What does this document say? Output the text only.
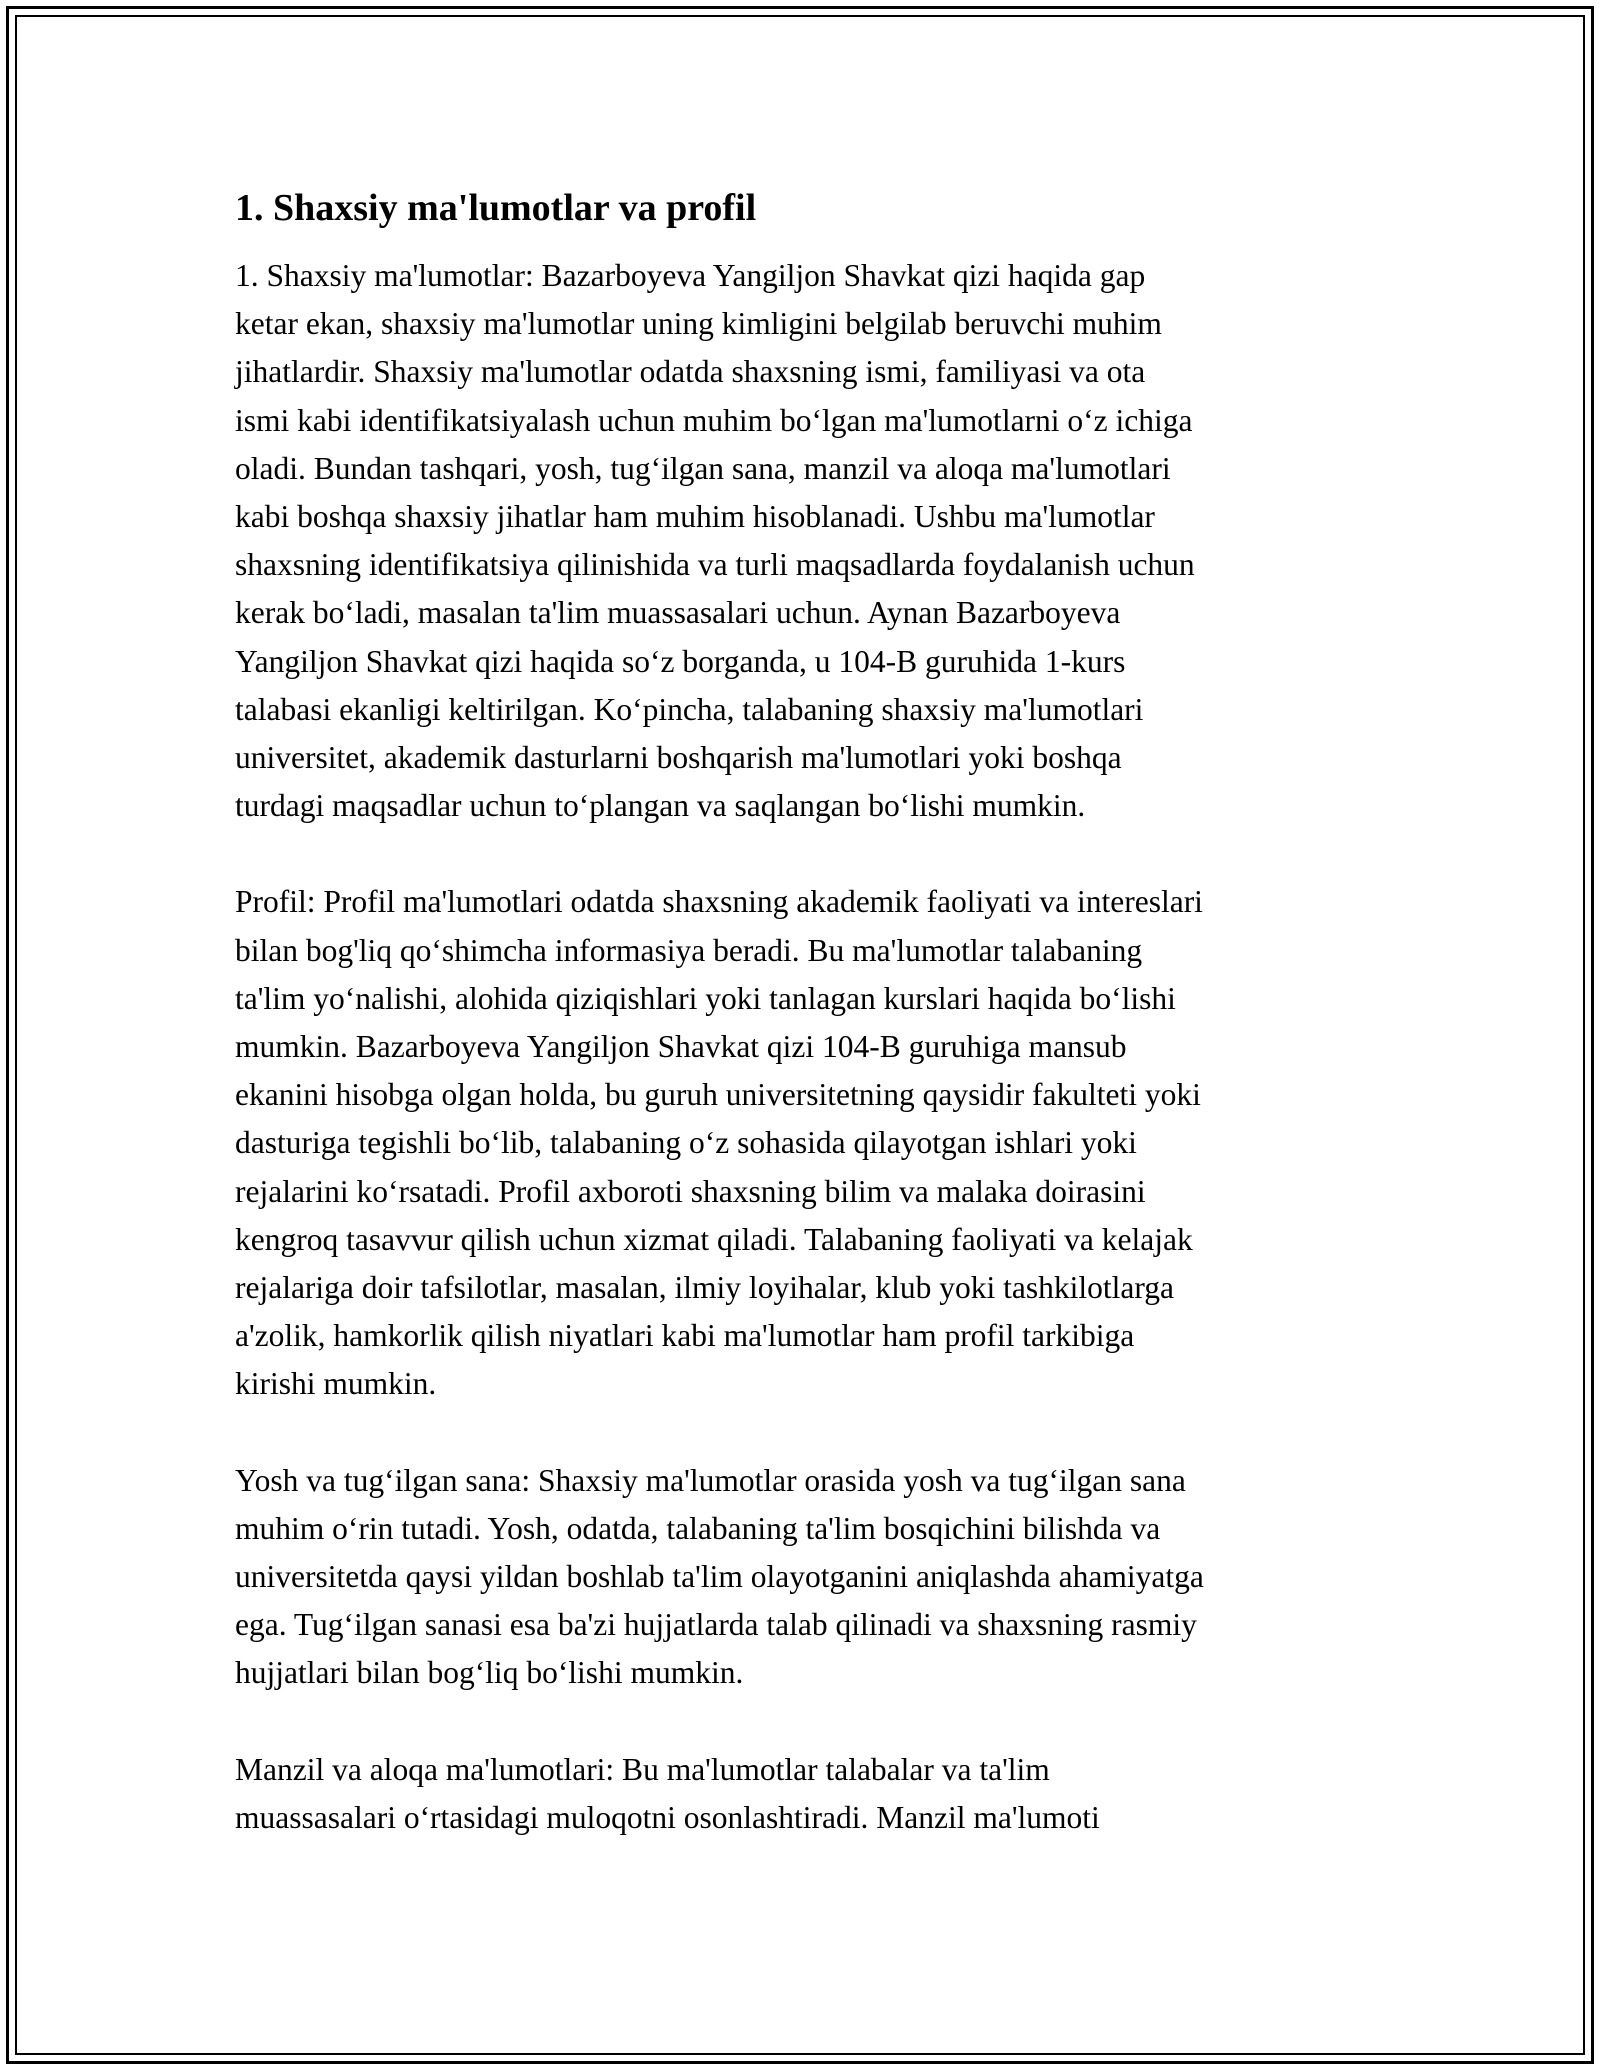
1. Shaxsiy ma'lumotlar va profil

1. Shaxsiy ma'lumotlar: Bazarboyeva Yangiljon Shavkat qizi haqida gap
ketar ekan, shaxsiy ma'lumotlar uning kimligini belgilab beruvchi muhim
jihatlardir. Shaxsiy ma'lumotlar odatda shaxsning ismi, familiyasi va ota
ismi kabi identifikatsiyalash uchun muhim bo‘lgan ma'lumotlarni o‘z ichiga
oladi. Bundan tashqari, yosh, tug‘ilgan sana, manzil va aloqa ma'lumotlari
kabi boshqa shaxsiy jihatlar ham muhim hisoblanadi. Ushbu ma'lumotlar
shaxsning identifikatsiya qilinishida va turli maqsadlarda foydalanish uchun
kerak bo‘ladi, masalan ta'lim muassasalari uchun. Aynan Bazarboyeva
Yangiljon Shavkat qizi haqida so‘z borganda, u 104-B guruhida 1-kurs
talabasi ekanligi keltirilgan. Ko‘pincha, talabaning shaxsiy ma'lumotlari
universitet, akademik dasturlarni boshqarish ma'lumotlari yoki boshqa
turdagi maqsadlar uchun to‘plangan va saqlangan bo‘lishi mumkin.

Profil: Profil ma'lumotlari odatda shaxsning akademik faoliyati va intereslari
bilan bog'liq qo‘shimcha informasiya beradi. Bu ma'lumotlar talabaning
ta'lim yo‘nalishi, alohida qiziqishlari yoki tanlagan kurslari haqida bo‘lishi
mumkin. Bazarboyeva Yangiljon Shavkat qizi 104-B guruhiga mansub
ekanini hisobga olgan holda, bu guruh universitetning qaysidir fakulteti yoki
dasturiga tegishli bo‘lib, talabaning o‘z sohasida qilayotgan ishlari yoki
rejalarini ko‘rsatadi. Profil axboroti shaxsning bilim va malaka doirasini
kengroq tasavvur qilish uchun xizmat qiladi. Talabaning faoliyati va kelajak
rejalariga doir tafsilotlar, masalan, ilmiy loyihalar, klub yoki tashkilotlarga
a'zolik, hamkorlik qilish niyatlari kabi ma'lumotlar ham profil tarkibiga
kirishi mumkin.

Yosh va tug‘ilgan sana: Shaxsiy ma'lumotlar orasida yosh va tug‘ilgan sana
muhim o‘rin tutadi. Yosh, odatda, talabaning ta'lim bosqichini bilishda va
universitetda qaysi yildan boshlab ta'lim olayotganini aniqlashda ahamiyatga
ega. Tug‘ilgan sanasi esa ba'zi hujjatlarda talab qilinadi va shaxsning rasmiy
hujjatlari bilan bog‘liq bo‘lishi mumkin.

Manzil va aloqa ma'lumotlari: Bu ma'lumotlar talabalar va ta'lim
muassasalari o‘rtasidagi muloqotni osonlashtiradi. Manzil ma'lumoti
